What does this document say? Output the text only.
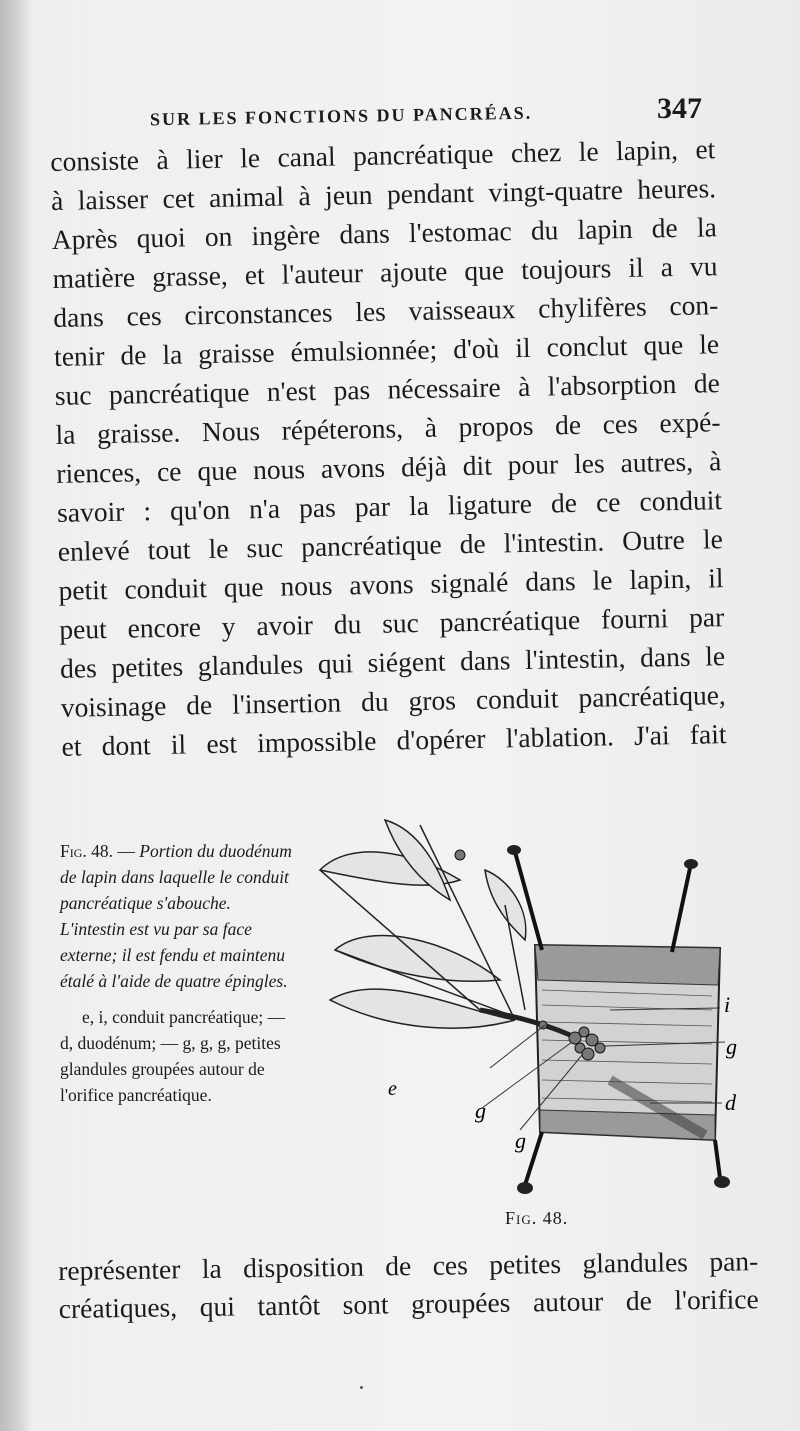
SUR LES FONCTIONS DU PANCRÉAS.	347
consiste à lier le canal pancréatique chez le lapin, et
à laisser cet animal à jeun pendant vingt-quatre heures.
Après quoi on ingère dans l'estomac du lapin de la
matière grasse, et l'auteur ajoute que toujours il a vu
dans ces circonstances les vaisseaux chylifères con-
tenir de la graisse émulsionnée; d'où il conclut que le
suc pancréatique n'est pas nécessaire à l'absorption de
la graisse. Nous répéterons, à propos de ces expé-
riences, ce que nous avons déjà dit pour les autres, à
savoir : qu'on n'a pas par la ligature de ce conduit
enlevé tout le suc pancréatique de l'intestin. Outre le
petit conduit que nous avons signalé dans le lapin, il
peut encore y avoir du suc pancréatique fourni par
des petites glandules qui siégent dans l'intestin, dans le
voisinage de l'insertion du gros conduit pancréatique,
et dont il est impossible d'opérer l'ablation. J'ai fait
Fig. 48. — Portion du duodénum de lapin dans laquelle le conduit pancréatique s'abouche. L'intestin est vu par sa face externe; il est fendu et maintenu étalé à l'aide de quatre épingles.
e, i, conduit pancréatique; — d, duodénum; — g, g, g, petites glandules groupées autour de l'orifice pancréatique.
i
g
d
e
g
g
Fig. 48.
représenter la disposition de ces petites glandules pan-
créatiques, qui tantôt sont groupées autour de l'orifice
